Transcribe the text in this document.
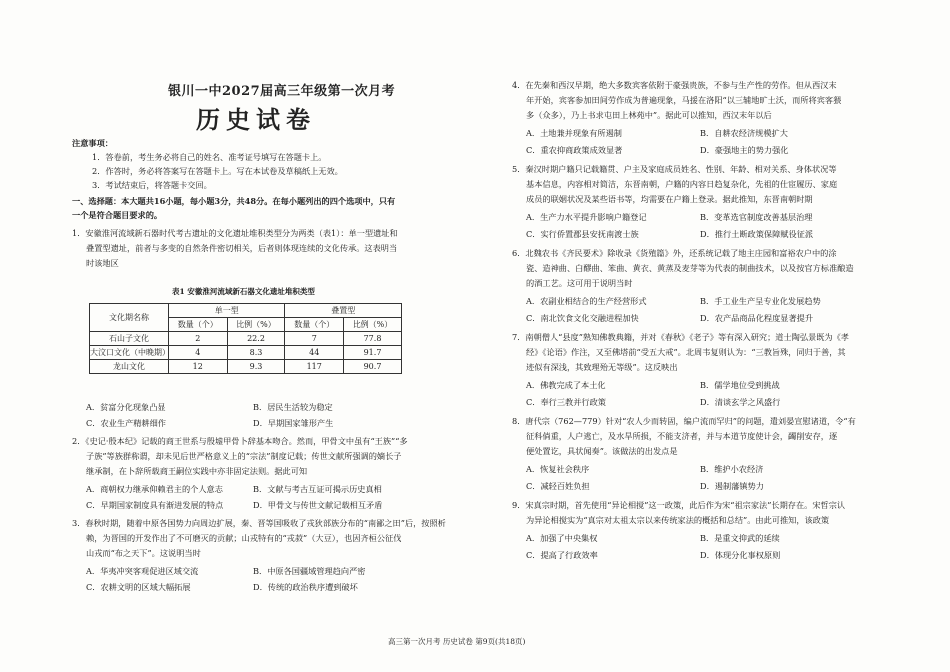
银川一中2027届高三年级第一次月考
历史试卷
注意事项：
1．答卷前，考生务必将自己的姓名、准考证号填写在答题卡上。
2．作答时，务必将答案写在答题卡上。写在本试卷及草稿纸上无效。
3．考试结束后，将答题卡交回。
一、选择题：本大题共16小题，每小题3分，共48分。在每小题列出的四个选项中，只有
一个是符合题目要求的。
1．安徽淮河流域新石器时代考古遗址的文化遗址堆积类型分为两类（表1）：单一型遗址和
叠置型遗址，前者与多变的自然条件密切相关，后者则体现连续的文化传承。这表明当
时该地区
表1 安徽淮河流域新石器文化遗址堆积类型
文化期名称	单一型		叠置型	
	数量（个）	比例（%）	数量（个）	比例（%）
石山子文化	2	22.2	7	77.8
大汶口文化（中晚期）	4	8.3	44	91.7
龙山文化	12	9.3	117	90.7
A．贫富分化现象凸显	B．居民生活较为稳定
C．农业生产精耕细作	D．早期国家雏形产生
2．《史记·殷本纪》记载的商王世系与殷墟甲骨卜辞基本吻合。然而，甲骨文中虽有“王族”“多
子族”等族群称谓，却未见后世严格意义上的“宗法”制度记载；传世文献所强调的嫡长子
继承制，在卜辞所载商王嗣位实践中亦非固定法则。据此可知
A．商朝权力继承仰赖君主的个人意志	B．文献与考古互证可揭示历史真相
C．早期国家制度具有渐进发展的特点	D．甲骨文与传世文献记载相互矛盾
3．春秋时期，随着中原各国势力向周边扩展，秦、晋等国吸收了戎狄部族分布的“南鄙之田”后，按照析
赖，为晋国的开发作出了不可磨灭的贡献；山戎特有的“戎菽”（大豆），也因齐桓公征伐
山戎而“布之天下”。这说明当时
A．华夷冲突客观促进区域交流	B．中原各国疆域管理趋向严密
C．农耕文明的区域大幅拓展	D．传统的政治秩序遭到破坏
4．在先秦和西汉早期，绝大多数宾客依附于豪强贵族，不参与生产性的劳作。但从西汉末
年开始，宾客参加田间劳作成为普遍现象，马援在洛阳“以三辅地旷土沃，而所将宾客猥
多（众多），乃上书求屯田上林苑中”。据此可以推知，西汉末年以后
A．土地兼并现象有所遏制	B．自耕农经济规模扩大
C．重农抑商政策成效显著	D．豪强地主的势力强化
5．秦汉时期户籍只记载籍贯、户主及家庭成员姓名、性别、年龄、相对关系、身体状况等
基本信息，内容相对简洁，东晋南朝，户籍的内容日趋复杂化，先祖的仕宦履历、家庭
成员的联姻状况及某些语书等，均需要在户籍上登录。据此推知，东晋南朝时期
A．生产力水平提升影响户籍登记	B．变革选官制度改善基层治理
C．实行侨置郡县安抚南渡士族	D．推行土断政策保障赋役征派
6．北魏农书《齐民要术》除收录《货殖篇》外，还系统记载了地主庄园和富裕农户中的涂
瓷、造神曲、白醪曲、笨曲、黄衣、黄蒸及麦芽等为代表的制曲技术，以及按官方标准酿造
的酒工艺。这可用于说明当时
A．农副业相结合的生产经营形式	B．手工业生产呈专业化发展趋势
C．南北饮食文化交融进程加快	D．农产品商品化程度显著提升
7．南朝僧人“县度”熟知佛教典籍，并对《春秋》《老子》等有深入研究；道士陶弘景既为《孝
经》《论语》作注，又至佛塔前“受五大戒”。北周韦复则认为：“三教旨殊，同归于善，其
迹似有深浅，其致理殆无等级”。这反映出
A．佛教完成了本土化	B．儒学地位受到挑战
C．奉行三教并行政策	D．清谈玄学之风盛行
8．唐代宗（762—779）针对“农人少而转固，编户流而罕归”的问题，遣刘晏宣慰诸道，令“有
征科倘重，人户逃亡，及水旱所损，不能支济者，并与本道节度使计会，蠲削安存，逐
便处置讫，具状闻奏”。该做法的出发点是
A．恢复社会秩序	B．维护小农经济
C．减轻百姓负担	D．遏制藩镇势力
9．宋真宗时期，首先使用“异论相搅”这一政策，此后作为宋“祖宗家法”长期存在。宋哲宗认
为异论相搅实为“真宗对太祖太宗以来传统家法的概括和总结”。由此可推知，该政策
A．加强了中央集权	B．是重文抑武的延续
C．提高了行政效率	D．体现分化事权原则
高三第一次月考 历史试卷 第9页(共18页)
